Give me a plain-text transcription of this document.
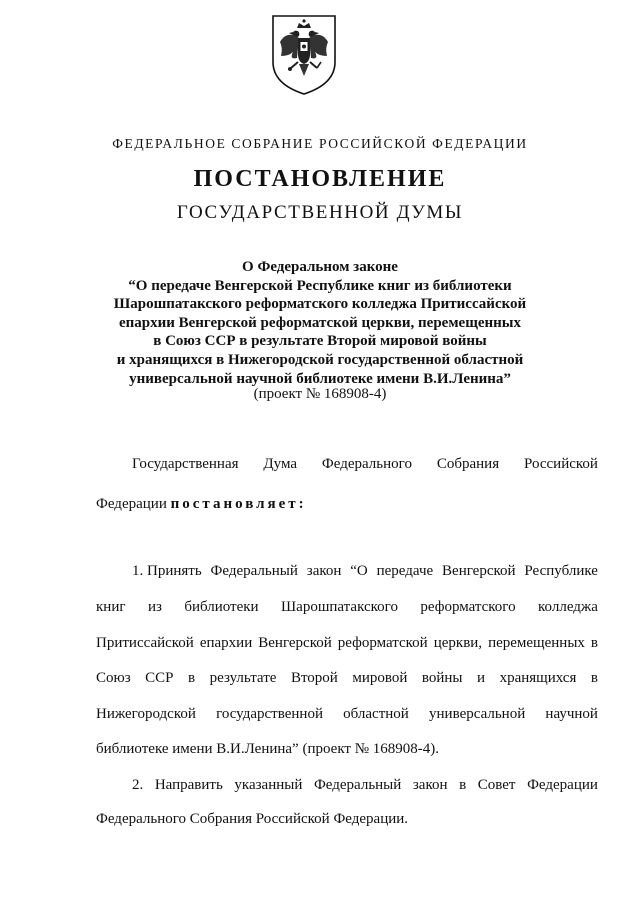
ФЕДЕРАЛЬНОЕ СОБРАНИЕ РОССИЙСКОЙ ФЕДЕРАЦИИ
ПОСТАНОВЛЕНИЕ
ГОСУДАРСТВЕННОЙ ДУМЫ
О Федеральном законе
“О передаче Венгерской Республике книг из библиотеки
Шарошпатакского реформатского колледжа Притиссайской
епархии Венгерской реформатской церкви, перемещенных
в Союз ССР в результате Второй мировой войны
и хранящихся в Нижегородской государственной областной
универсальной научной библиотеке имени В.И.Ленина”
(проект № 168908-4)
Государственная Дума Федерального Собрания Российской
Федерации постановляет:
1. Принять Федеральный закон “О передаче Венгерской Республике
книг из библиотеки Шарошпатакского реформатского колледжа
Притиссайской епархии Венгерской реформатской церкви, перемещенных в
Союз ССР в результате Второй мировой войны и хранящихся в
Нижегородской государственной областной универсальной научной
библиотеке имени В.И.Ленина” (проект № 168908-4).
2. Направить указанный Федеральный закон в Совет Федерации
Федерального Собрания Российской Федерации.
